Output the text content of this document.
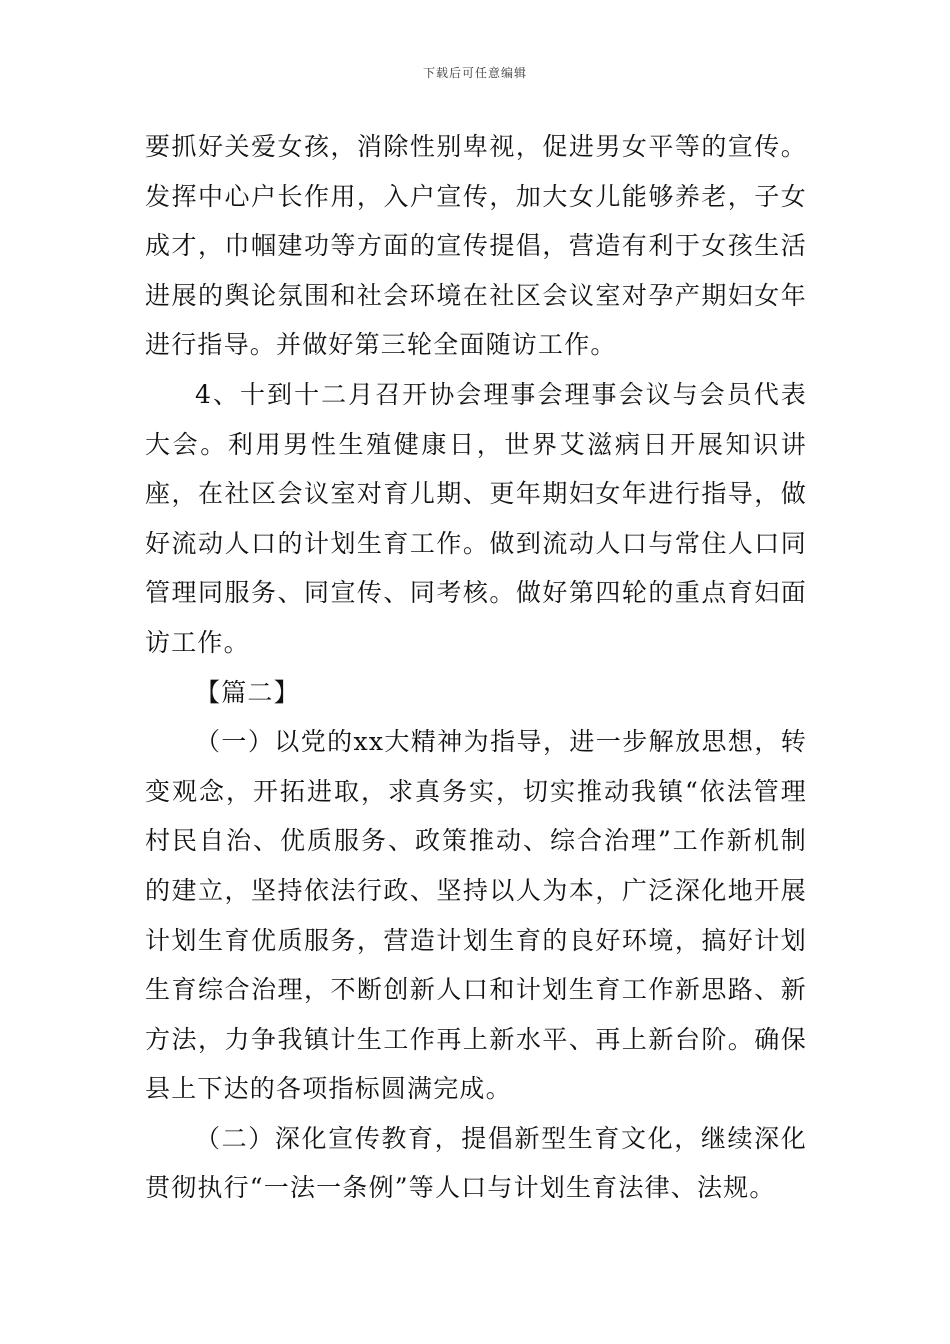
下载后可任意编辑

要抓好关爱女孩，消除性别卑视，促进男女平等的宣传。发挥中心户长作用，入户宣传，加大女儿能够养老，子女成才，巾帼建功等方面的宣传提倡，营造有利于女孩生活进展的舆论氛围和社会环境在社区会议室对孕产期妇女年进行指导。并做好第三轮全面随访工作。

4、十到十二月召开协会理事会理事会议与会员代表大会。利用男性生殖健康日，世界艾滋病日开展知识讲座，在社区会议室对育儿期、更年期妇女年进行指导，做好流动人口的计划生育工作。做到流动人口与常住人口同管理同服务、同宣传、同考核。做好第四轮的重点育妇面访工作。

【篇二】

（一）以党的xx大精神为指导，进一步解放思想，转变观念，开拓进取，求真务实，切实推动我镇“依法管理村民自治、优质服务、政策推动、综合治理”工作新机制的建立，坚持依法行政、坚持以人为本，广泛深化地开展计划生育优质服务，营造计划生育的良好环境，搞好计划生育综合治理，不断创新人口和计划生育工作新思路、新方法，力争我镇计生工作再上新水平、再上新台阶。确保县上下达的各项指标圆满完成。

（二）深化宣传教育，提倡新型生育文化，继续深化贯彻执行“一法一条例”等人口与计划生育法律、法规。
